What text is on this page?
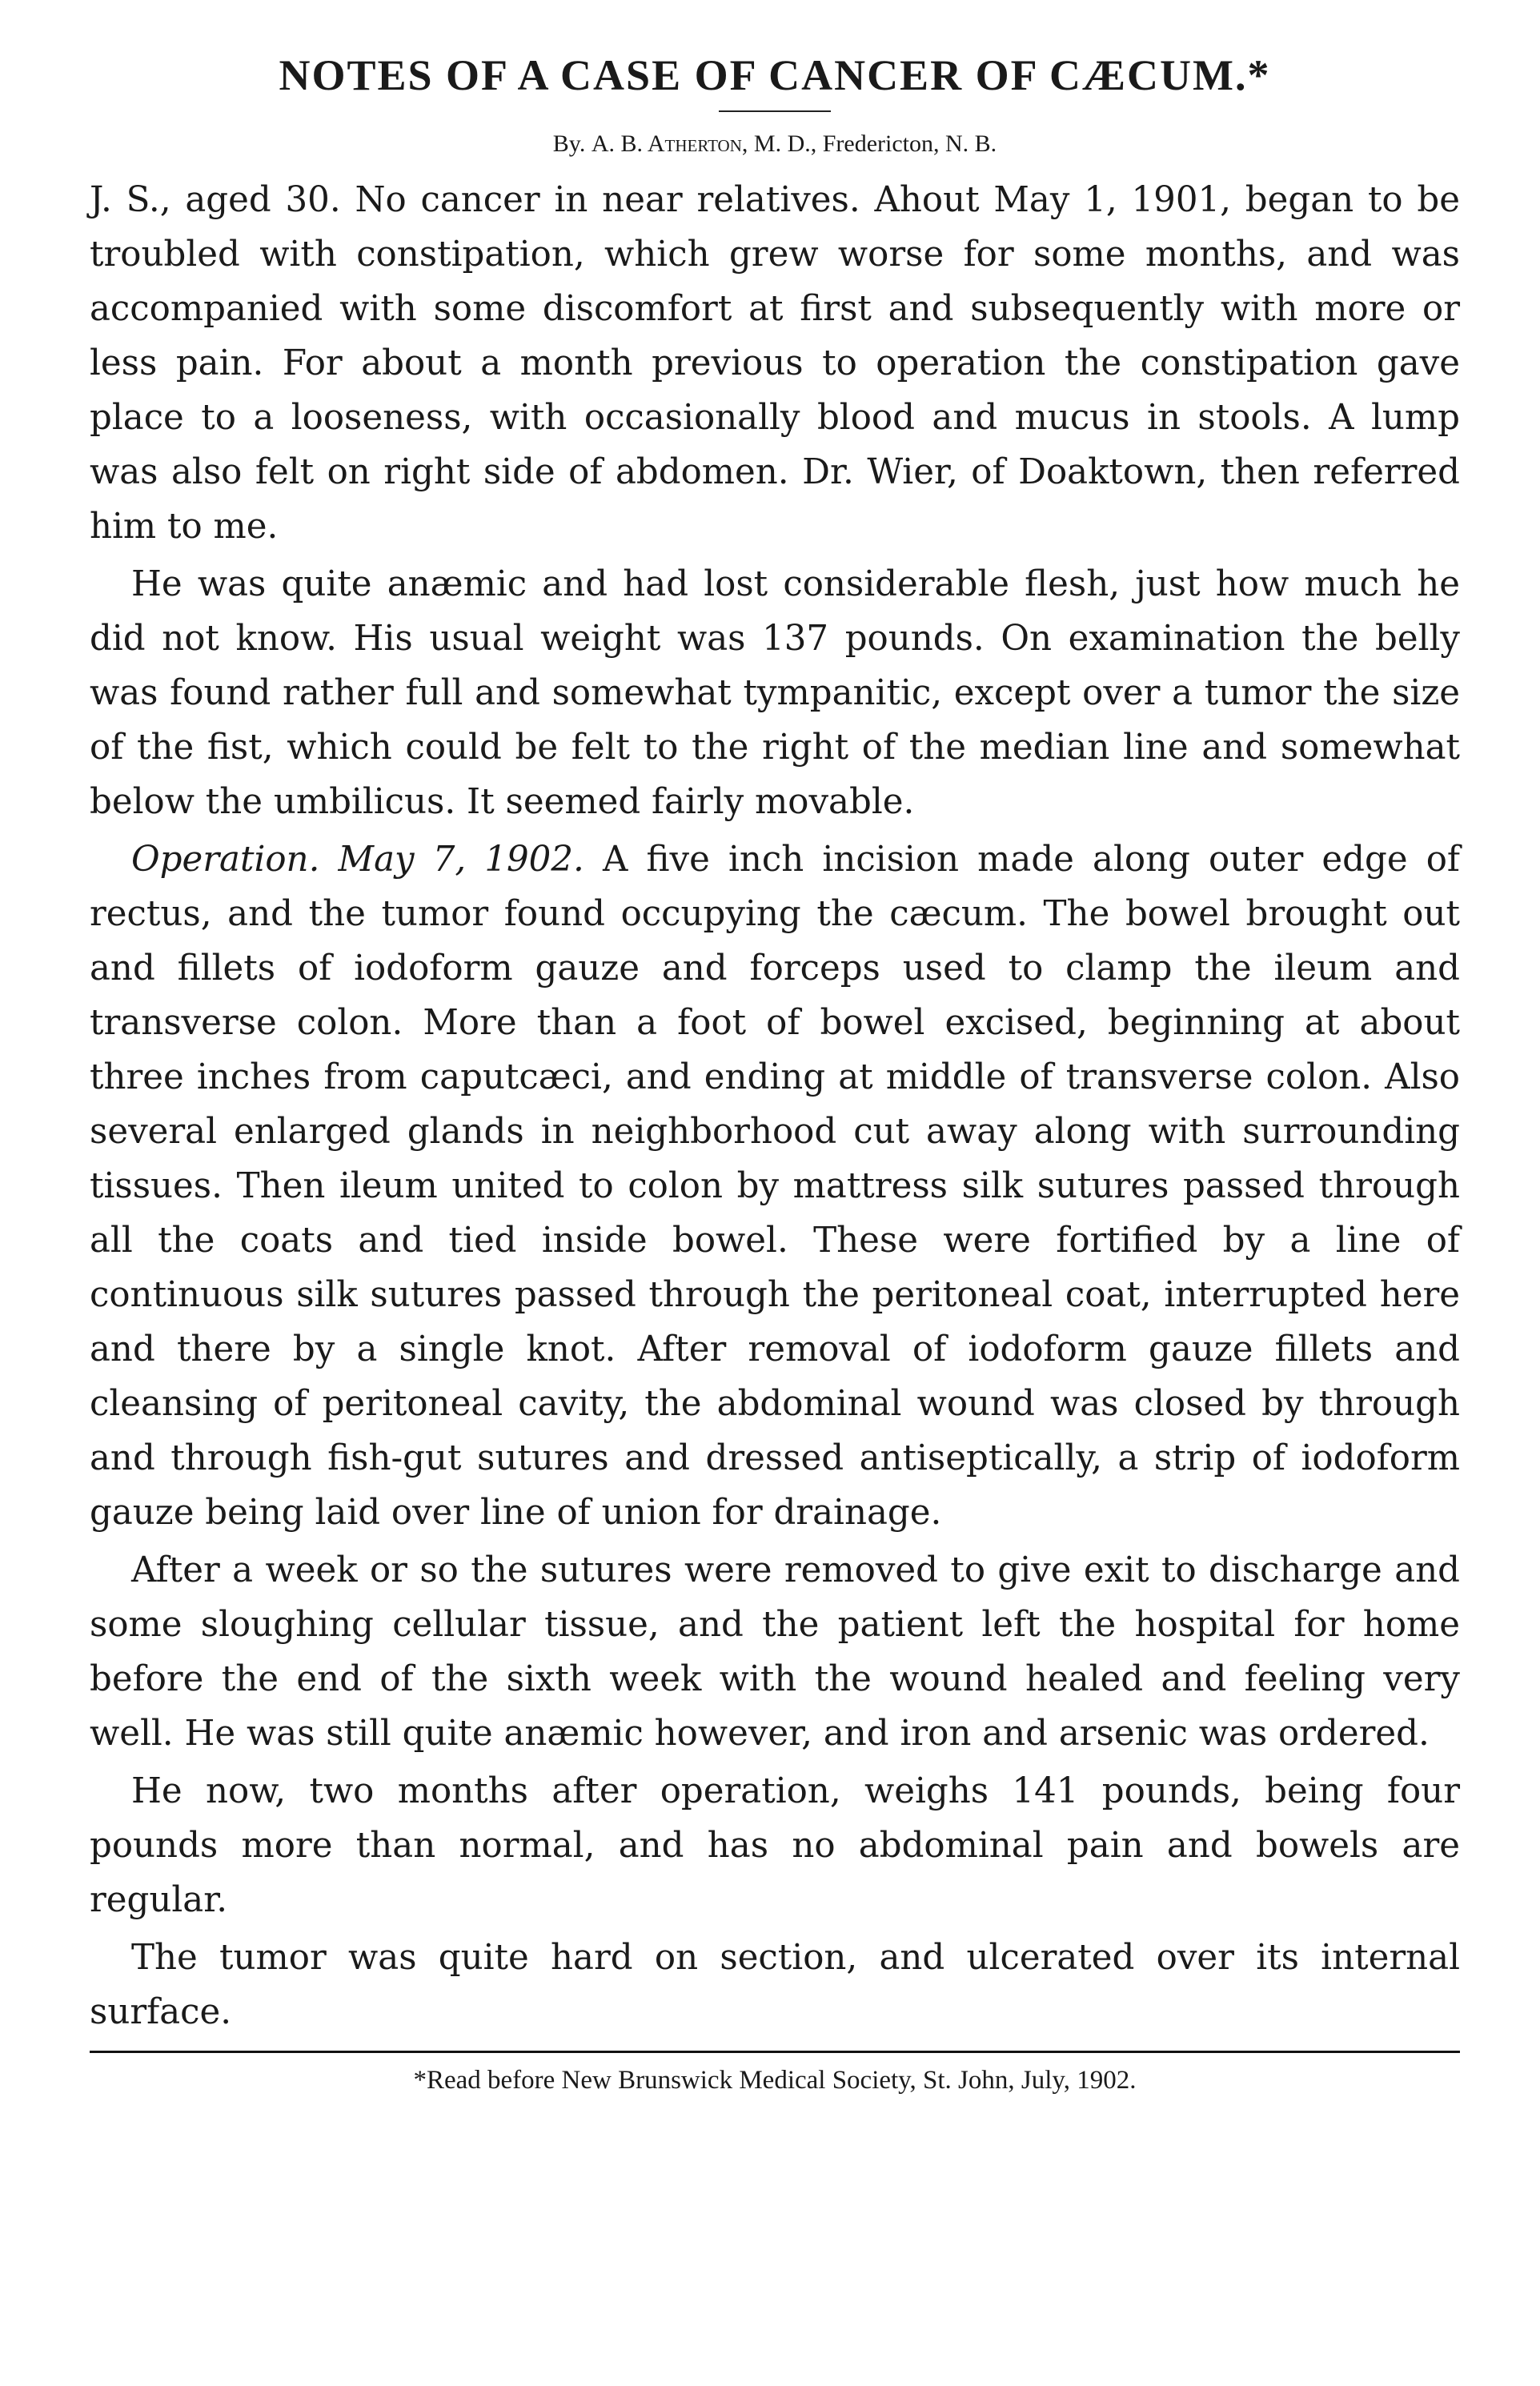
NOTES OF A CASE OF CANCER OF CÆCUM.*

By. A. B. Atherton, M. D., Fredericton, N. B.

J. S., aged 30. No cancer in near relatives. Ahout May 1, 1901, began to be troubled with constipation, which grew worse for some months, and was accompanied with some discomfort at first and subsequently with more or less pain. For about a month previous to operation the constipation gave place to a looseness, with occasionally blood and mucus in stools. A lump was also felt on right side of abdomen. Dr. Wier, of Doaktown, then referred him to me.

He was quite anæmic and had lost considerable flesh, just how much he did not know. His usual weight was 137 pounds. On examination the belly was found rather full and somewhat tympanitic, except over a tumor the size of the fist, which could be felt to the right of the median line and somewhat below the umbilicus. It seemed fairly movable.

Operation. May 7, 1902. A five inch incision made along outer edge of rectus, and the tumor found occupying the cæcum. The bowel brought out and fillets of iodoform gauze and forceps used to clamp the ileum and transverse colon. More than a foot of bowel excised, beginning at about three inches from caputcæci, and ending at middle of transverse colon. Also several enlarged glands in neighborhood cut away along with surrounding tissues. Then ileum united to colon by mattress silk sutures passed through all the coats and tied inside bowel. These were fortified by a line of continuous silk sutures passed through the peritoneal coat, interrupted here and there by a single knot. After removal of iodoform gauze fillets and cleansing of peritoneal cavity, the abdominal wound was closed by through and through fish-gut sutures and dressed antiseptically, a strip of iodoform gauze being laid over line of union for drainage.

After a week or so the sutures were removed to give exit to discharge and some sloughing cellular tissue, and the patient left the hospital for home before the end of the sixth week with the wound healed and feeling very well. He was still quite anæmic however, and iron and arsenic was ordered.

He now, two months after operation, weighs 141 pounds, being four pounds more than normal, and has no abdominal pain and bowels are regular.

The tumor was quite hard on section, and ulcerated over its internal surface.

*Read before New Brunswick Medical Society, St. John, July, 1902.
